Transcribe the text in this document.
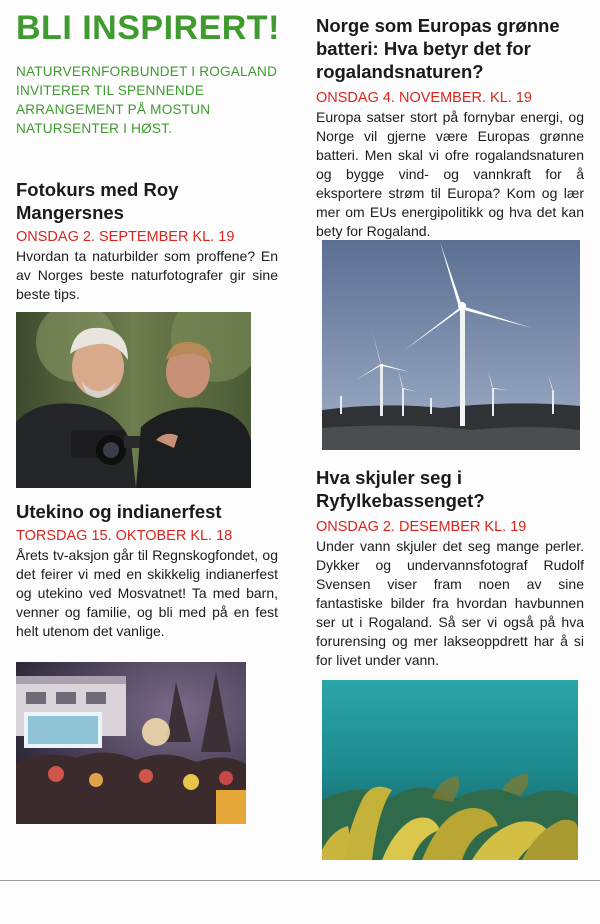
BLI INSPIRERT!

NATURVERNFORBUNDET I ROGALAND INVITERER TIL SPENNENDE ARRANGEMENT PÅ MOSTUN NATURSENTER I HØST.

Fotokurs med Roy Mangersnes

ONSDAG 2. SEPTEMBER KL. 19

Hvordan ta naturbilder som proffene? En av Norges beste naturfotografer gir sine beste tips.

Utekino og indianerfest

TORSDAG 15. OKTOBER KL. 18

Årets tv-aksjon går til Regnskogfondet, og det feirer vi med en skikkelig indianerfest og utekino ved Mosvatnet! Ta med barn, venner og familie, og bli med på en fest helt utenom det vanlige.

Norge som Europas grønne batteri: Hva betyr det for rogalandsnaturen?

ONSDAG 4. NOVEMBER. KL. 19

Europa satser stort på fornybar energi, og Norge vil gjerne være Europas grønne batteri. Men skal vi ofre rogalandsnaturen og bygge vind- og vannkraft for å eksportere strøm til Europa? Kom og lær mer om EUs energipolitikk og hva det kan bety for Rogaland.

Hva skjuler seg i Ryfylkebassenget?

ONSDAG 2. DESEMBER KL. 19

Under vann skjuler det seg mange perler. Dykker og undervannsfotograf Rudolf Svensen viser fram noen av sine fantastiske bilder fra hvordan havbunnen ser ut i Rogaland. Så ser vi også på hva forurensing og mer lakseoppdrett har å si for livet under vann.
